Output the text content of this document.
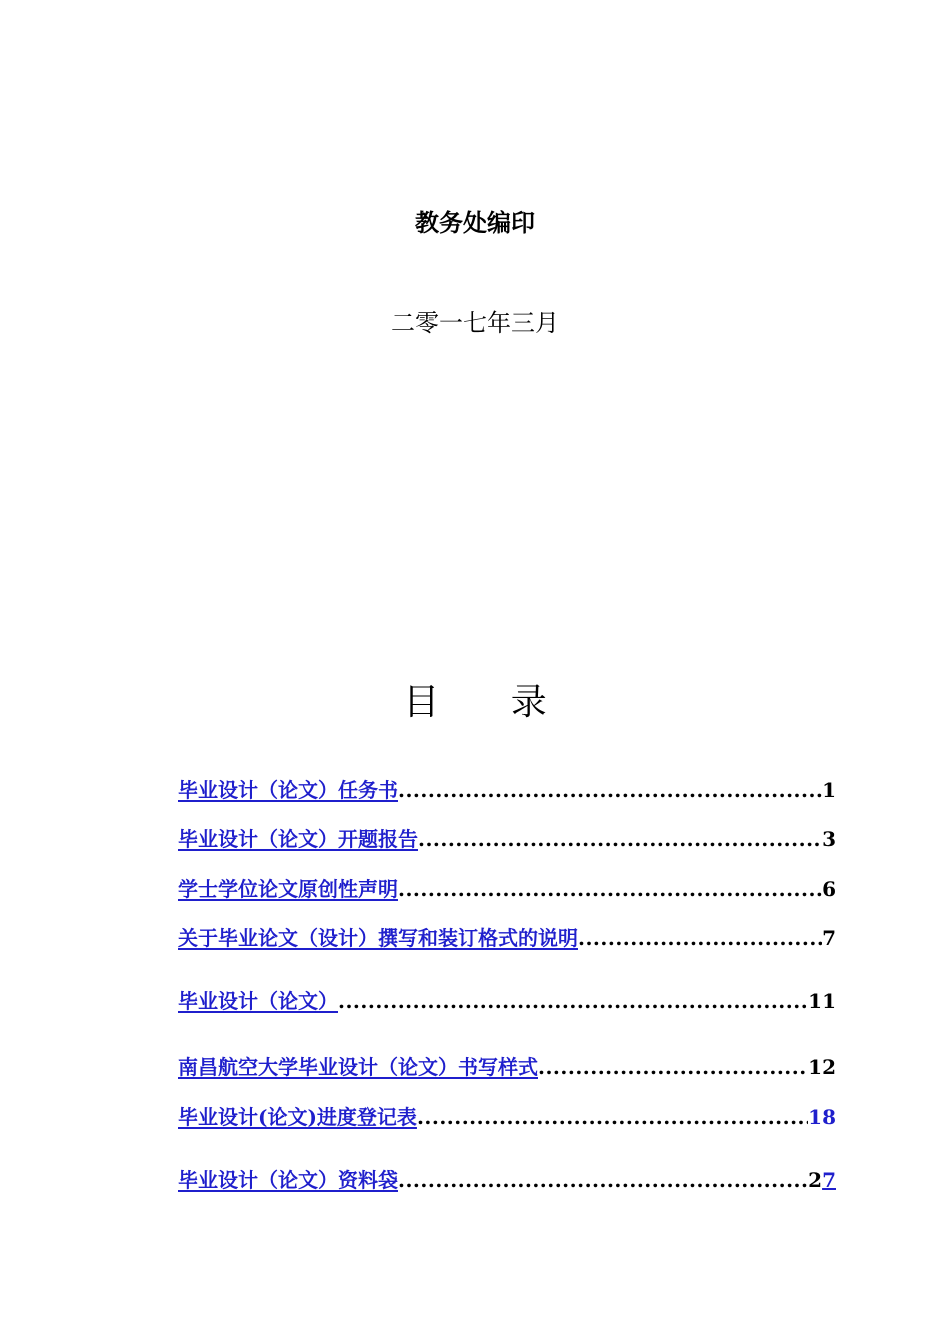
教务处编印
二零一七年三月
目 录
毕业设计（论文）任务书 .....	1
毕业设计（论文）开题报告 .....	3
学士学位论文原创性声明 .....	6
关于毕业论文（设计）撰写和装订格式的说明 .....	7
毕业设计（论文） .....	11
南昌航空大学毕业设计（论文）书写样式 .....	12
毕业设计(论文)进度登记表 .....	18
毕业设计（论文）资料袋 .....	27
